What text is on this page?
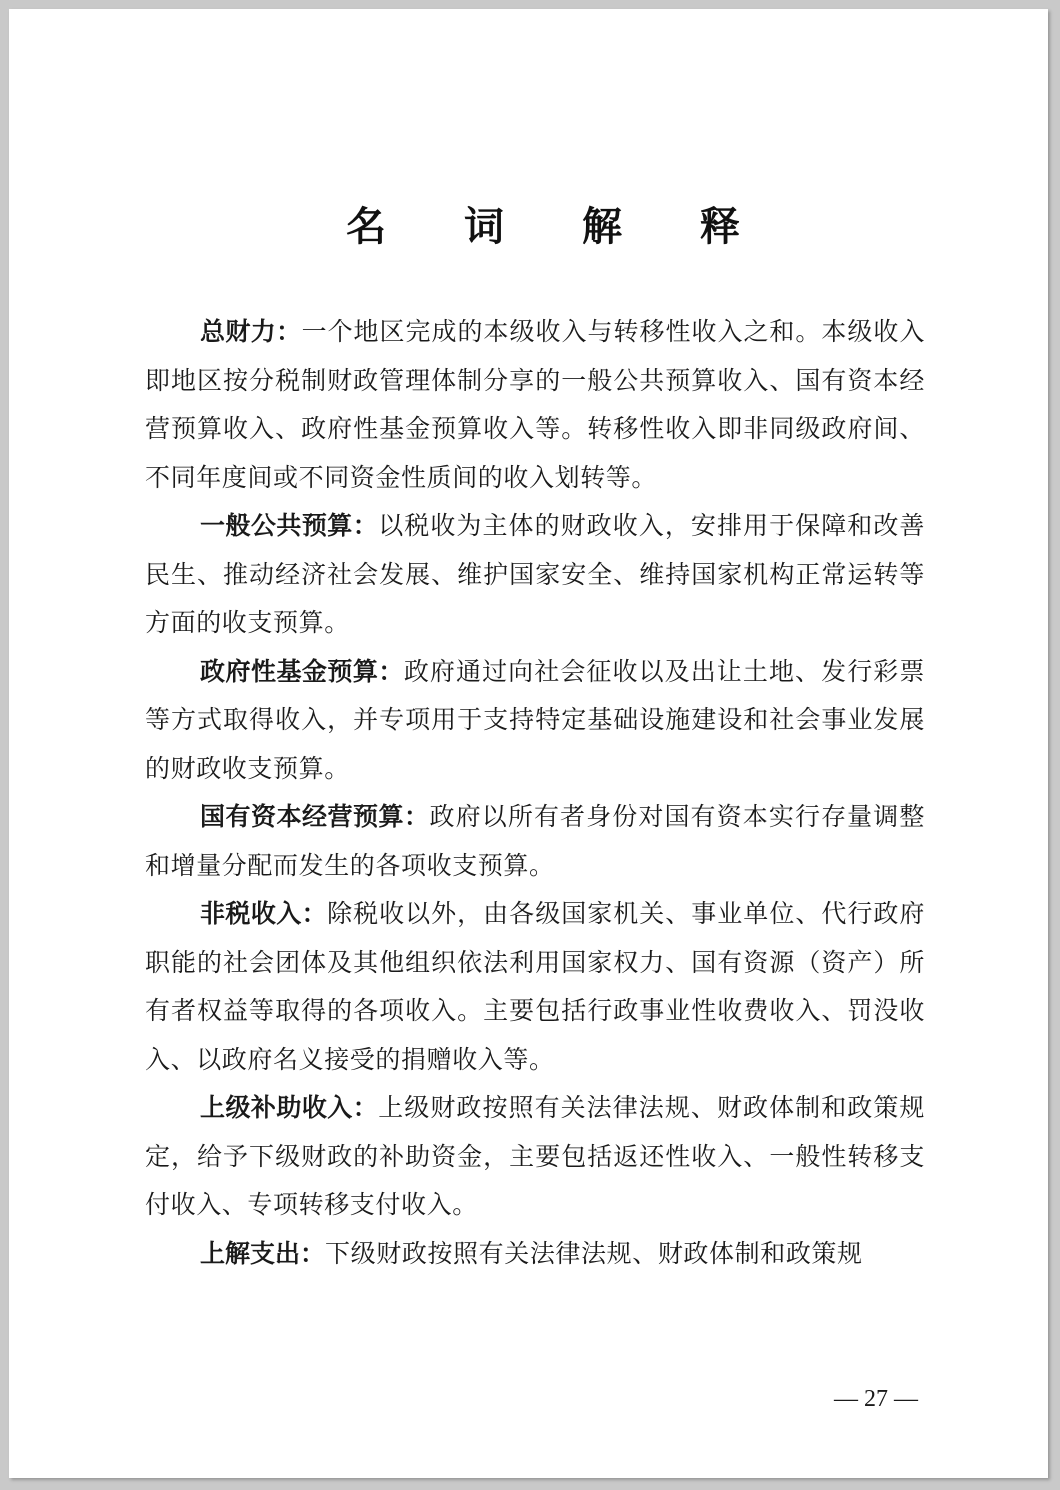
名 词 解 释

总财力：一个地区完成的本级收入与转移性收入之和。本级收入即地区按分税制财政管理体制分享的一般公共预算收入、国有资本经营预算收入、政府性基金预算收入等。转移性收入即非同级政府间、不同年度间或不同资金性质间的收入划转等。

一般公共预算：以税收为主体的财政收入，安排用于保障和改善民生、推动经济社会发展、维护国家安全、维持国家机构正常运转等方面的收支预算。

政府性基金预算：政府通过向社会征收以及出让土地、发行彩票等方式取得收入，并专项用于支持特定基础设施建设和社会事业发展的财政收支预算。

国有资本经营预算：政府以所有者身份对国有资本实行存量调整和增量分配而发生的各项收支预算。

非税收入：除税收以外，由各级国家机关、事业单位、代行政府职能的社会团体及其他组织依法利用国家权力、国有资源（资产）所有者权益等取得的各项收入。主要包括行政事业性收费收入、罚没收入、以政府名义接受的捐赠收入等。

上级补助收入：上级财政按照有关法律法规、财政体制和政策规定，给予下级财政的补助资金，主要包括返还性收入、一般性转移支付收入、专项转移支付收入。

上解支出：下级财政按照有关法律法规、财政体制和政策规

— 27 —
